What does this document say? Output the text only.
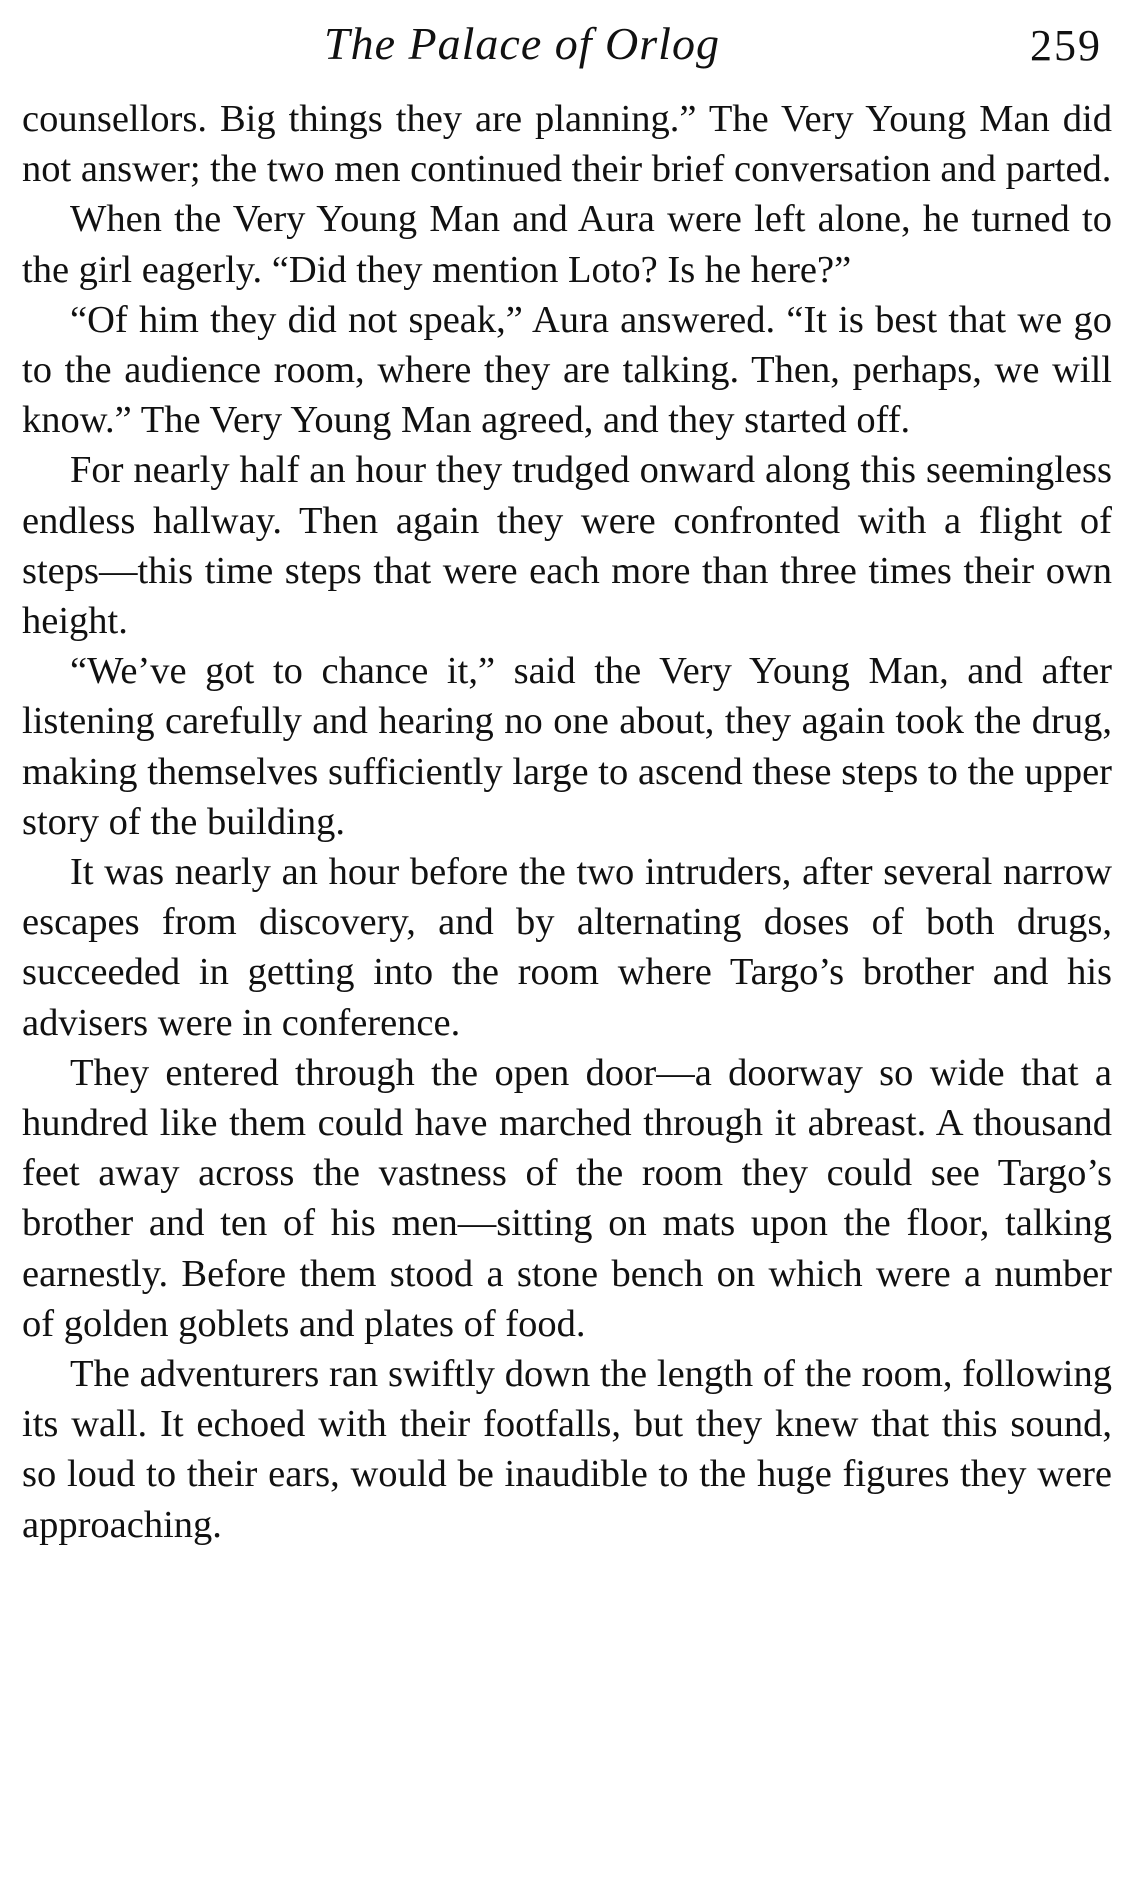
The Palace of Orlog	259

counsellors. Big things they are planning.” The Very Young Man did not answer; the two men continued their brief conversation and parted.

When the Very Young Man and Aura were left alone, he turned to the girl eagerly. “Did they mention Loto? Is he here?”

“Of him they did not speak,” Aura answered. “It is best that we go to the audience room, where they are talking. Then, perhaps, we will know.” The Very Young Man agreed, and they started off.

For nearly half an hour they trudged onward along this seemingless endless hallway. Then again they were confronted with a flight of steps—this time steps that were each more than three times their own height.

“We’ve got to chance it,” said the Very Young Man, and after listening carefully and hearing no one about, they again took the drug, making themselves sufficiently large to ascend these steps to the upper story of the building.

It was nearly an hour before the two intruders, after several narrow escapes from discovery, and by alternating doses of both drugs, succeeded in getting into the room where Targo’s brother and his advisers were in conference.

They entered through the open door—a doorway so wide that a hundred like them could have marched through it abreast. A thousand feet away across the vastness of the room they could see Targo’s brother and ten of his men—sitting on mats upon the floor, talking earnestly. Before them stood a stone bench on which were a number of golden goblets and plates of food.

The adventurers ran swiftly down the length of the room, following its wall. It echoed with their footfalls, but they knew that this sound, so loud to their ears, would be inaudible to the huge figures they were approaching.
